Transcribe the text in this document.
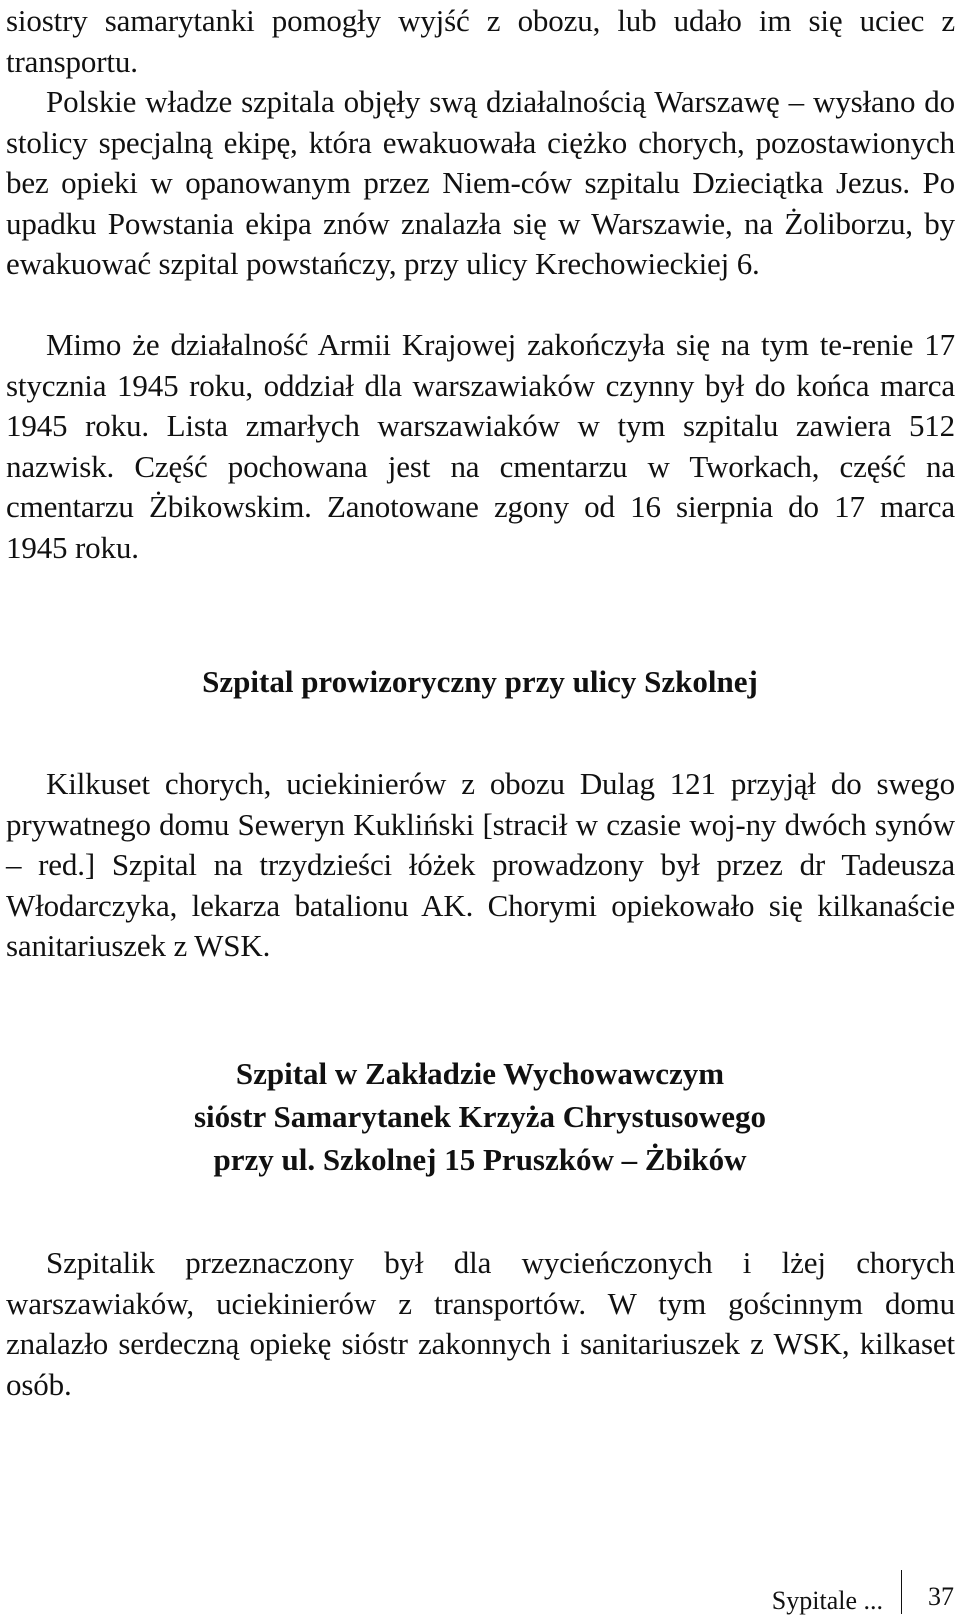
siostry samarytanki pomogły wyjść z obozu, lub udało im się uciec z transportu.

Polskie władze szpitala objęły swą działalnością Warszawę – wysłano do stolicy specjalną ekipę, która ewakuowała ciężko chorych, pozostawionych bez opieki w opanowanym przez Niem-ców szpitalu Dzieciątka Jezus. Po upadku Powstania ekipa znów znalazła się w Warszawie, na Żoliborzu, by ewakuować szpital powstańczy, przy ulicy Krechowieckiej 6.

Mimo że działalność Armii Krajowej zakończyła się na tym te-renie 17 stycznia 1945 roku, oddział dla warszawiaków czynny był do końca marca 1945 roku. Lista zmarłych warszawiaków w tym szpitalu zawiera 512 nazwisk. Część pochowana jest na cmentarzu w Tworkach, część na cmentarzu Żbikowskim. Zanotowane zgony od 16 sierpnia do 17 marca 1945 roku.

Szpital prowizoryczny przy ulicy Szkolnej

Kilkuset chorych, uciekinierów z obozu Dulag 121 przyjął do swego prywatnego domu Seweryn Kukliński [stracił w czasie woj-ny dwóch synów – red.] Szpital na trzydzieści łóżek prowadzony był przez dr Tadeusza Włodarczyka, lekarza batalionu AK. Chorymi opiekowało się kilkanaście sanitariuszek z WSK.

Szpital w Zakładzie Wychowawczym
sióstr Samarytanek Krzyża Chrystusowego
przy ul. Szkolnej 15 Pruszków – Żbików

Szpitalik przeznaczony był dla wycieńczonych i lżej chorych warszawiaków, uciekinierów z transportów. W tym gościnnym domu znalazło serdeczną opiekę sióstr zakonnych i sanitariuszek z WSK, kilkaset osób.

Sypitale ...	37
